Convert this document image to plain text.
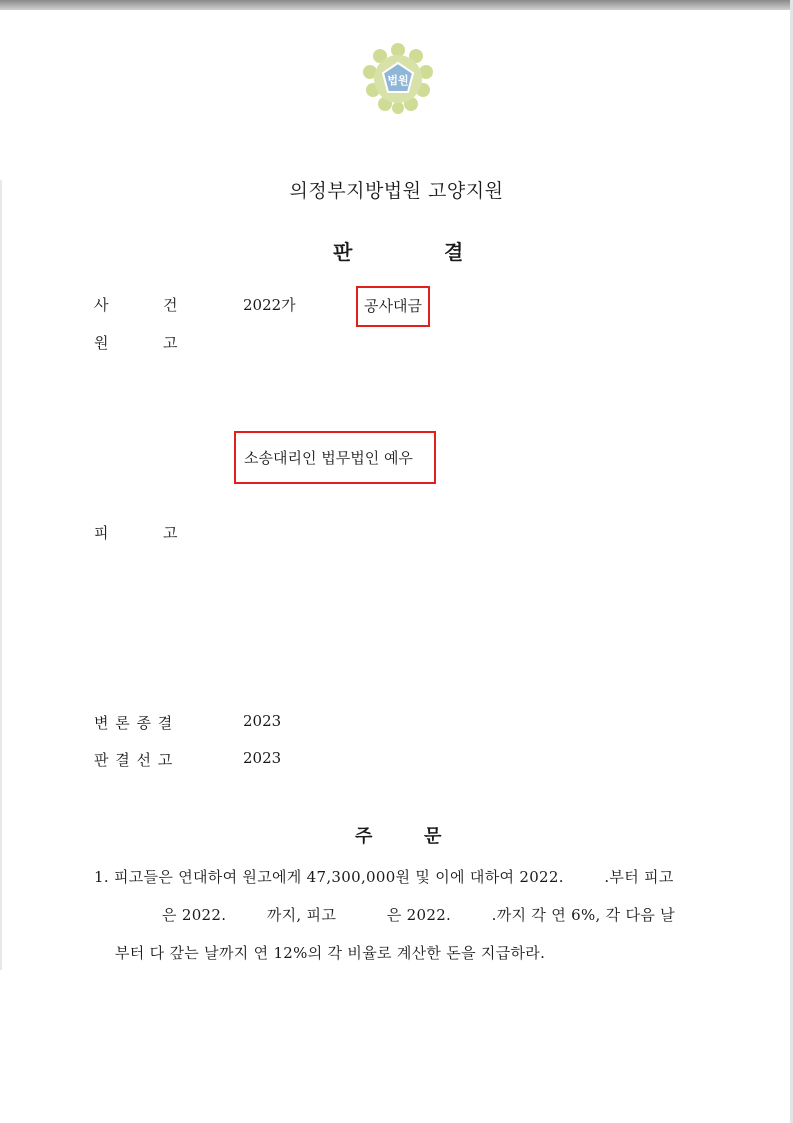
법원
의정부지방법원 고양지원
판	결
사	건	2022가	공사대금
원	고
소송대리인 법무법인 예우
피	고
변 론 종 결	2023
판 결 선 고	2023
주	문
1. 피고들은 연대하여 원고에게 47,300,000원 및 이에 대하여 2022.        .부터 피고
은 2022.        까지, 피고          은 2022.        .까지 각 연 6%, 각 다음 날
부터 다 갚는 날까지 연 12%의 각 비율로 계산한 돈을 지급하라.
